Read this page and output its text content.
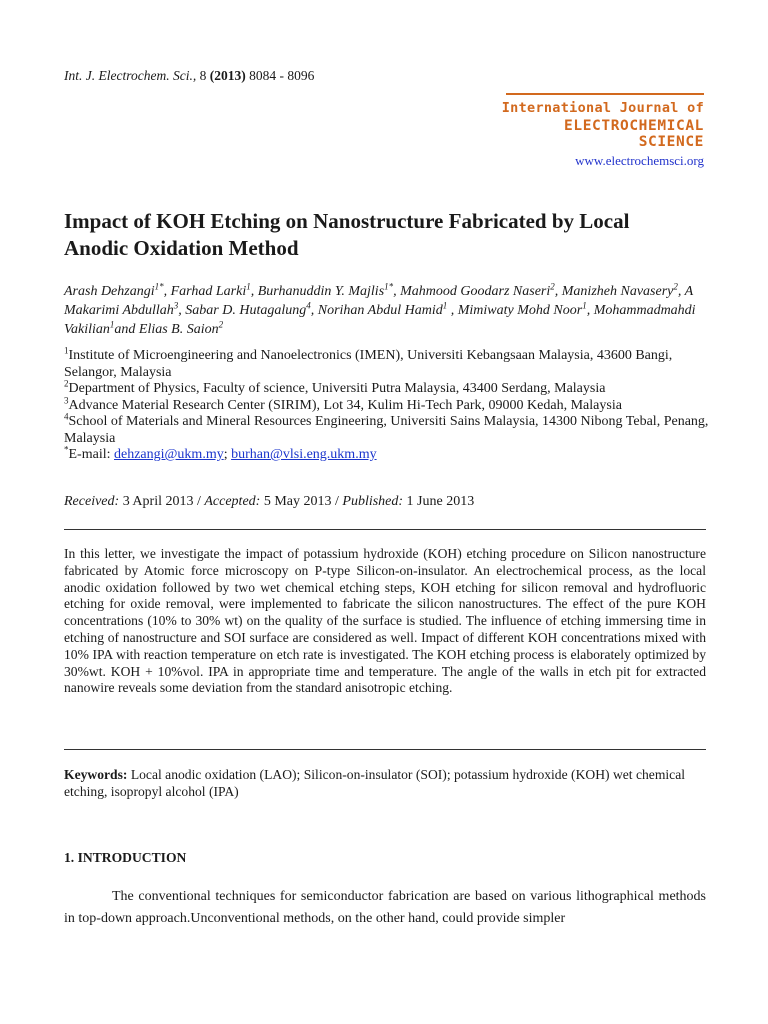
Int. J. Electrochem. Sci., 8 (2013) 8084 - 8096
International Journal of
ELECTROCHEMICAL
SCIENCE
www.electrochemsci.org
Impact of KOH Etching on Nanostructure Fabricated by Local
Anodic Oxidation Method
Arash Dehzangi$^{1*}$, Farhad Larki$^1$, Burhanuddin Y. Majlis$^{1*}$, Mahmood Goodarz Naseri$^2$, Manizheh Navasery$^2$, A Makarimi Abdullah$^3$, Sabar D. Hutagalung$^4$, Norihan Abdul Hamid$^1$ , Mimiwaty Mohd Noor$^1$, Mohammadmahdi Vakilian$^1$and Elias B. Saion$^2$
$^1$Institute of Microengineering and Nanoelectronics (IMEN), Universiti Kebangsaan Malaysia, 43600 Bangi, Selangor, Malaysia
$^2$Department of Physics, Faculty of science, Universiti Putra Malaysia, 43400 Serdang, Malaysia
$^3$Advance Material Research Center (SIRIM), Lot 34, Kulim Hi-Tech Park, 09000 Kedah, Malaysia
$^4$School of Materials and Mineral Resources Engineering, Universiti Sains Malaysia, 14300 Nibong Tebal, Penang, Malaysia
*E-mail: dehzangi@ukm.my; burhan@vlsi.eng.ukm.my
Received: 3 April 2013 / Accepted: 5 May 2013 / Published: 1 June 2013
In this letter, we investigate the impact of potassium hydroxide (KOH) etching procedure on Silicon nanostructure fabricated by Atomic force microscopy on P-type Silicon-on-insulator. An electrochemical process, as the local anodic oxidation followed by two wet chemical etching steps, KOH etching for silicon removal and hydrofluoric etching for oxide removal, were implemented to fabricate the silicon nanostructures. The effect of the pure KOH concentrations (10% to 30% wt) on the quality of the surface is studied. The influence of etching immersing time in etching of nanostructure and SOI surface are considered as well. Impact of different KOH concentrations mixed with 10% IPA with reaction temperature on etch rate is investigated. The KOH etching process is elaborately optimized by 30%wt. KOH + 10%vol. IPA in appropriate time and temperature. The angle of the walls in etch pit for extracted nanowire reveals some deviation from the standard anisotropic etching.
Keywords: Local anodic oxidation (LAO); Silicon-on-insulator (SOI); potassium hydroxide (KOH) wet chemical etching, isopropyl alcohol (IPA)
1. INTRODUCTION
The conventional techniques for semiconductor fabrication are based on various lithographical methods in top-down approach.Unconventional methods, on the other hand, could provide simpler
